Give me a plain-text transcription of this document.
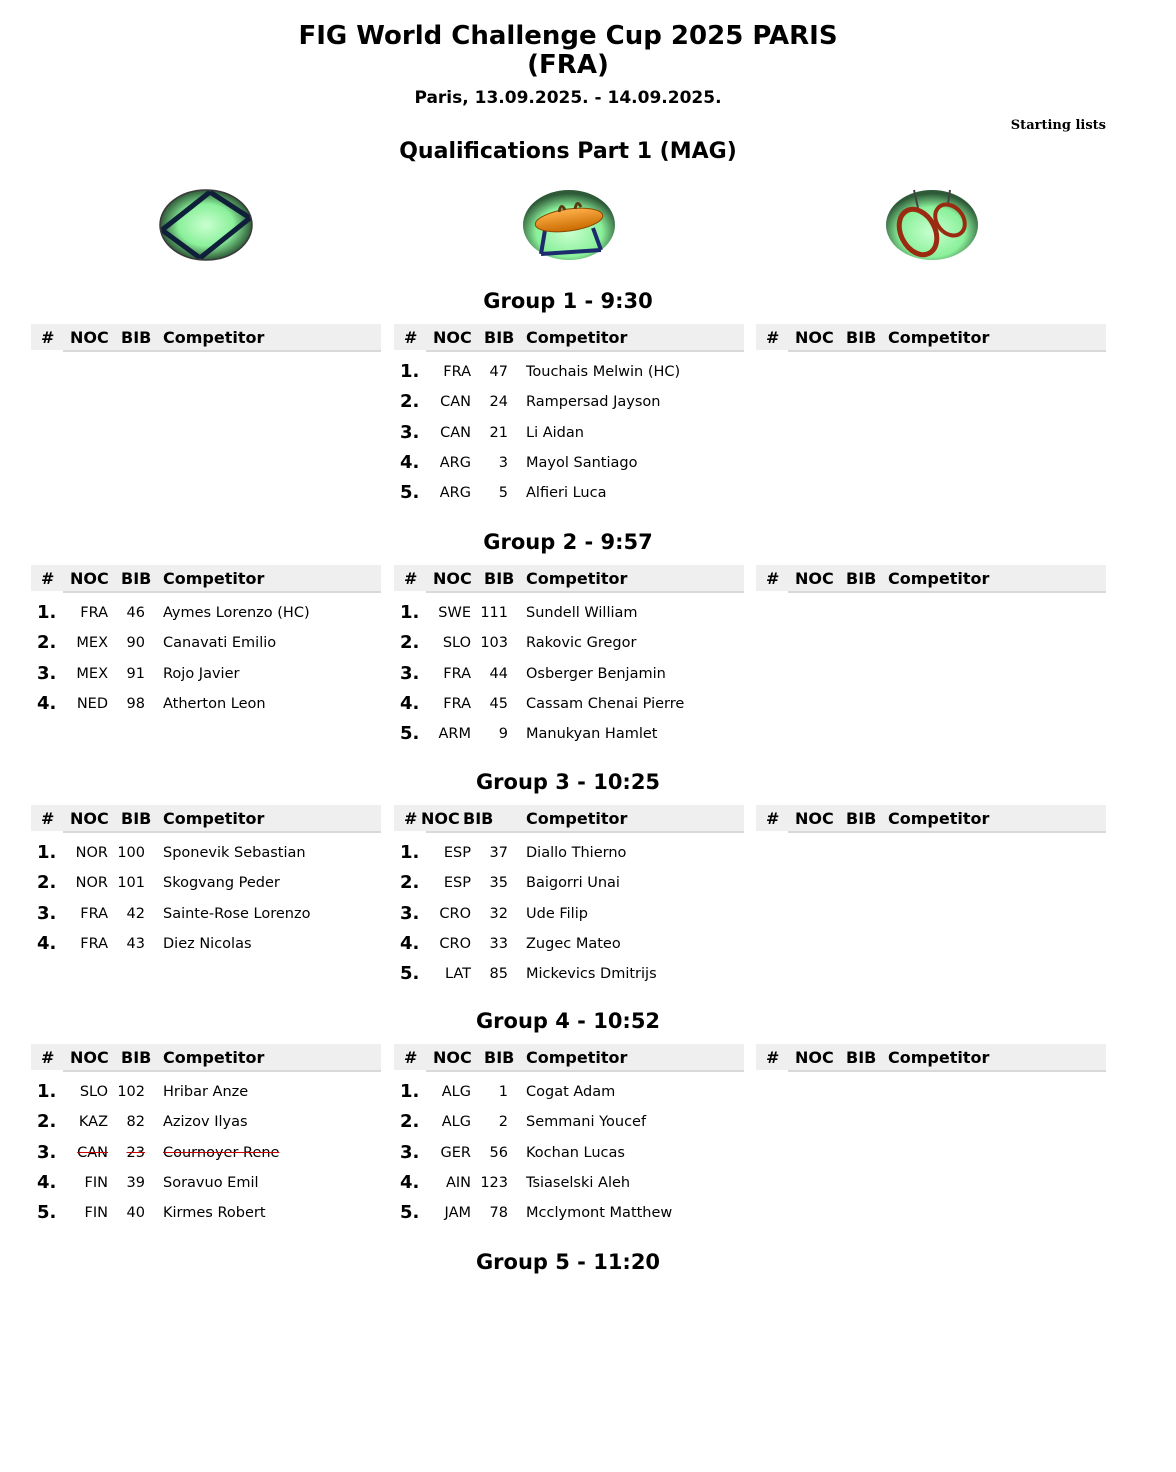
FIG World Challenge Cup 2025 PARIS
(FRA)
Paris, 13.09.2025. - 14.09.2025.
Starting lists
Qualifications Part 1 (MAG)
Group 1 - 9:30
# NOC BIB Competitor	# NOC BIB Competitor
1. FRA 47 Touchais Melwin (HC)
2. CAN 24 Rampersad Jayson
3. CAN 21 Li Aidan
4. ARG 3 Mayol Santiago
5. ARG 5 Alfieri Luca
# NOC BIB Competitor
Group 2 - 9:57
# NOC BIB Competitor
1. FRA 46 Aymes Lorenzo (HC)
2. MEX 90 Canavati Emilio
3. MEX 91 Rojo Javier
4. NED 98 Atherton Leon
# NOC BIB Competitor
1. SWE 111 Sundell William
2. SLO 103 Rakovic Gregor
3. FRA 44 Osberger Benjamin
4. FRA 45 Cassam Chenai Pierre
5. ARM 9 Manukyan Hamlet
# NOC BIB Competitor
Group 3 - 10:25
# NOC BIB Competitor
1. NOR 100 Sponevik Sebastian
2. NOR 101 Skogvang Peder
3. FRA 42 Sainte-Rose Lorenzo
4. FRA 43 Diez Nicolas
# NOC BIB Competitor
1. ESP 37 Diallo Thierno
2. ESP 35 Baigorri Unai
3. CRO 32 Ude Filip
4. CRO 33 Zugec Mateo
5. LAT 85 Mickevics Dmitrijs
# NOC BIB Competitor
Group 4 - 10:52
# NOC BIB Competitor
1. SLO 102 Hribar Anze
2. KAZ 82 Azizov Ilyas
3. CAN 23 Cournoyer Rene
4. FIN 39 Soravuo Emil
5. FIN 40 Kirmes Robert
# NOC BIB Competitor
1. ALG 1 Cogat Adam
2. ALG 2 Semmani Youcef
3. GER 56 Kochan Lucas
4. AIN 123 Tsiaselski Aleh
5. JAM 78 Mcclymont Matthew
# NOC BIB Competitor
Group 5 - 11:20
